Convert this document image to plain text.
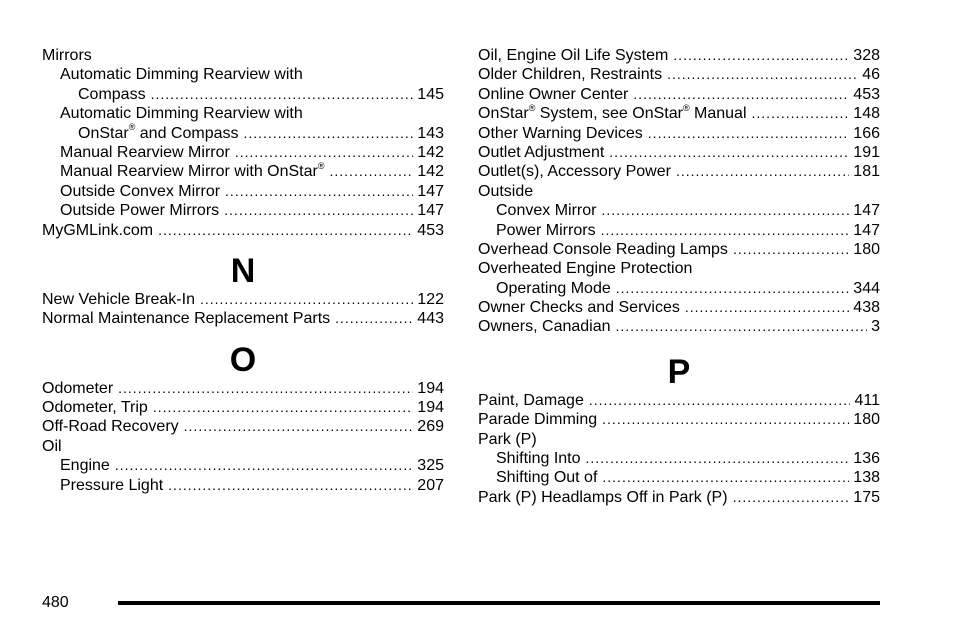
Mirrors
Automatic Dimming Rearview with
Compass .....	145
Automatic Dimming Rearview with
OnStar® and Compass .....	143
Manual Rearview Mirror .....	142
Manual Rearview Mirror with OnStar® .....	142
Outside Convex Mirror .....	147
Outside Power Mirrors .....	147
MyGMLink.com .....	453
N
New Vehicle Break-In .....	122
Normal Maintenance Replacement Parts .....	443
O
Odometer .....	194
Odometer, Trip .....	194
Off-Road Recovery .....	269
Oil
Engine .....	325
Pressure Light .....	207
Oil, Engine Oil Life System .....	328
Older Children, Restraints .....	46
Online Owner Center .....	453
OnStar® System, see OnStar® Manual .....	148
Other Warning Devices .....	166
Outlet Adjustment .....	191
Outlet(s), Accessory Power .....	181
Outside
Convex Mirror .....	147
Power Mirrors .....	147
Overhead Console Reading Lamps .....	180
Overheated Engine Protection
Operating Mode .....	344
Owner Checks and Services .....	438
Owners, Canadian .....	3
P
Paint, Damage .....	411
Parade Dimming .....	180
Park (P)
Shifting Into .....	136
Shifting Out of .....	138
Park (P) Headlamps Off in Park (P) .....	175
480
